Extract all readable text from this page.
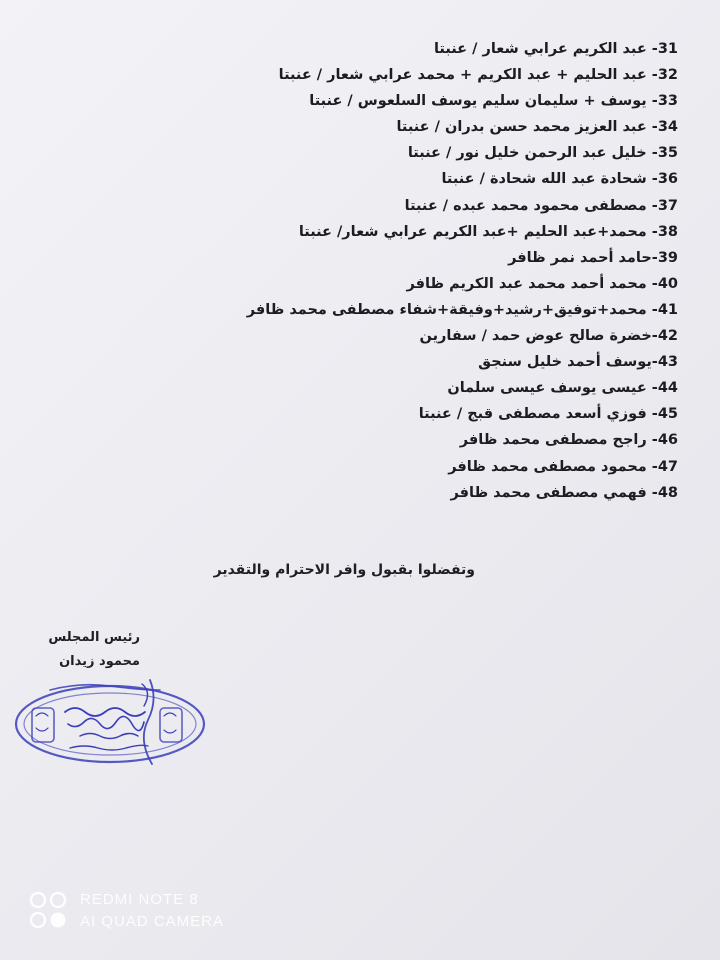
31- عبد الكريم عرابي شعار / عنبتا
32- عبد الحليم + عبد الكريم + محمد عرابي شعار / عنبتا
33- يوسف + سليمان سليم يوسف السلعوس / عنبتا
34- عبد العزيز محمد حسن بدران / عنبتا
35- خليل عبد الرحمن خليل نور / عنبتا
36- شحادة عبد الله شحادة / عنبتا
37- مصطفى محمود محمد عبده / عنبتا
38- محمد+عبد الحليم +عبد الكريم عرابي شعار/ عنبتا
39-حامد أحمد نمر ظافر
40- محمد أحمد محمد عبد الكريم ظافر
41- محمد+توفيق+رشيد+وفيقة+شفاء مصطفى محمد ظافر
42-خضرة صالح عوض حمد / سفارين
43-يوسف أحمد خليل سنجق
44- عيسى يوسف عيسى سلمان
45- فوزي أسعد مصطفى قبج / عنبتا
46- راجح مصطفى محمد ظافر
47- محمود مصطفى محمد ظافر
48- فهمي مصطفى محمد ظافر
وتفضلوا بقبول وافر الاحترام والتقدير
رئيس المجلس
محمود زيدان
REDMI NOTE 8
AI QUAD CAMERA
